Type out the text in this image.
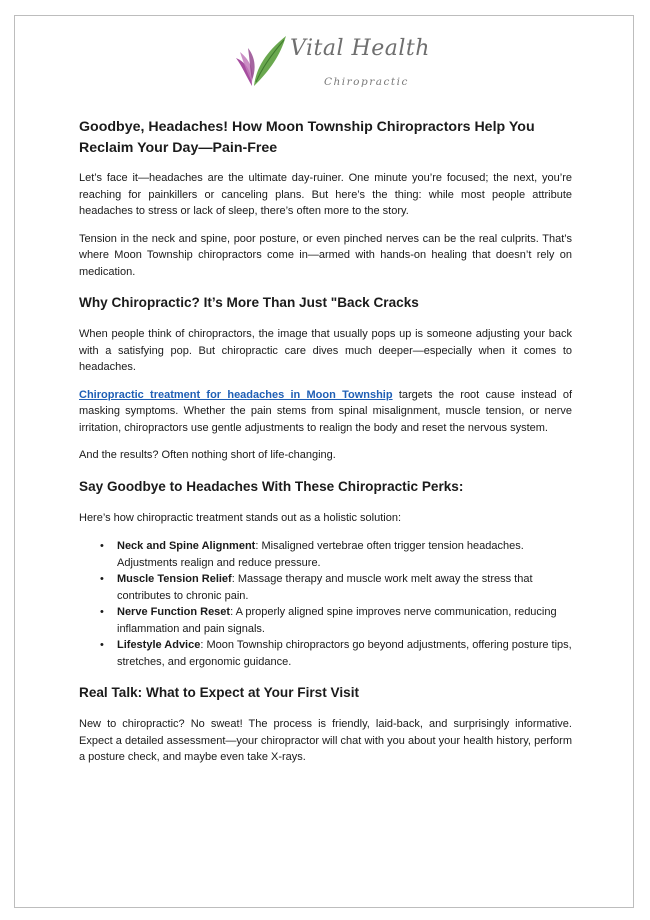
Vital Health
Chiropractic
Goodbye, Headaches! How Moon Township Chiropractors Help You Reclaim Your Day—Pain-Free

Let’s face it—headaches are the ultimate day-ruiner. One minute you’re focused; the next, you’re reaching for painkillers or canceling plans. But here’s the thing: while most people attribute headaches to stress or lack of sleep, there’s often more to the story.

Tension in the neck and spine, poor posture, or even pinched nerves can be the real culprits. That’s where Moon Township chiropractors come in—armed with hands-on healing that doesn’t rely on medication.

Why Chiropractic? It’s More Than Just "Back Cracks

When people think of chiropractors, the image that usually pops up is someone adjusting your back with a satisfying pop. But chiropractic care dives much deeper—especially when it comes to headaches.

Chiropractic treatment for headaches in Moon Township targets the root cause instead of masking symptoms. Whether the pain stems from spinal misalignment, muscle tension, or nerve irritation, chiropractors use gentle adjustments to realign the body and reset the nervous system.

And the results? Often nothing short of life-changing.

Say Goodbye to Headaches With These Chiropractic Perks:

Here’s how chiropractic treatment stands out as a holistic solution:

• Neck and Spine Alignment: Misaligned vertebrae often trigger tension headaches. Adjustments realign and reduce pressure.
• Muscle Tension Relief: Massage therapy and muscle work melt away the stress that contributes to chronic pain.
• Nerve Function Reset: A properly aligned spine improves nerve communication, reducing inflammation and pain signals.
• Lifestyle Advice: Moon Township chiropractors go beyond adjustments, offering posture tips, stretches, and ergonomic guidance.
Real Talk: What to Expect at Your First Visit

New to chiropractic? No sweat! The process is friendly, laid-back, and surprisingly informative. Expect a detailed assessment—your chiropractor will chat with you about your health history, perform a posture check, and maybe even take X-rays.
